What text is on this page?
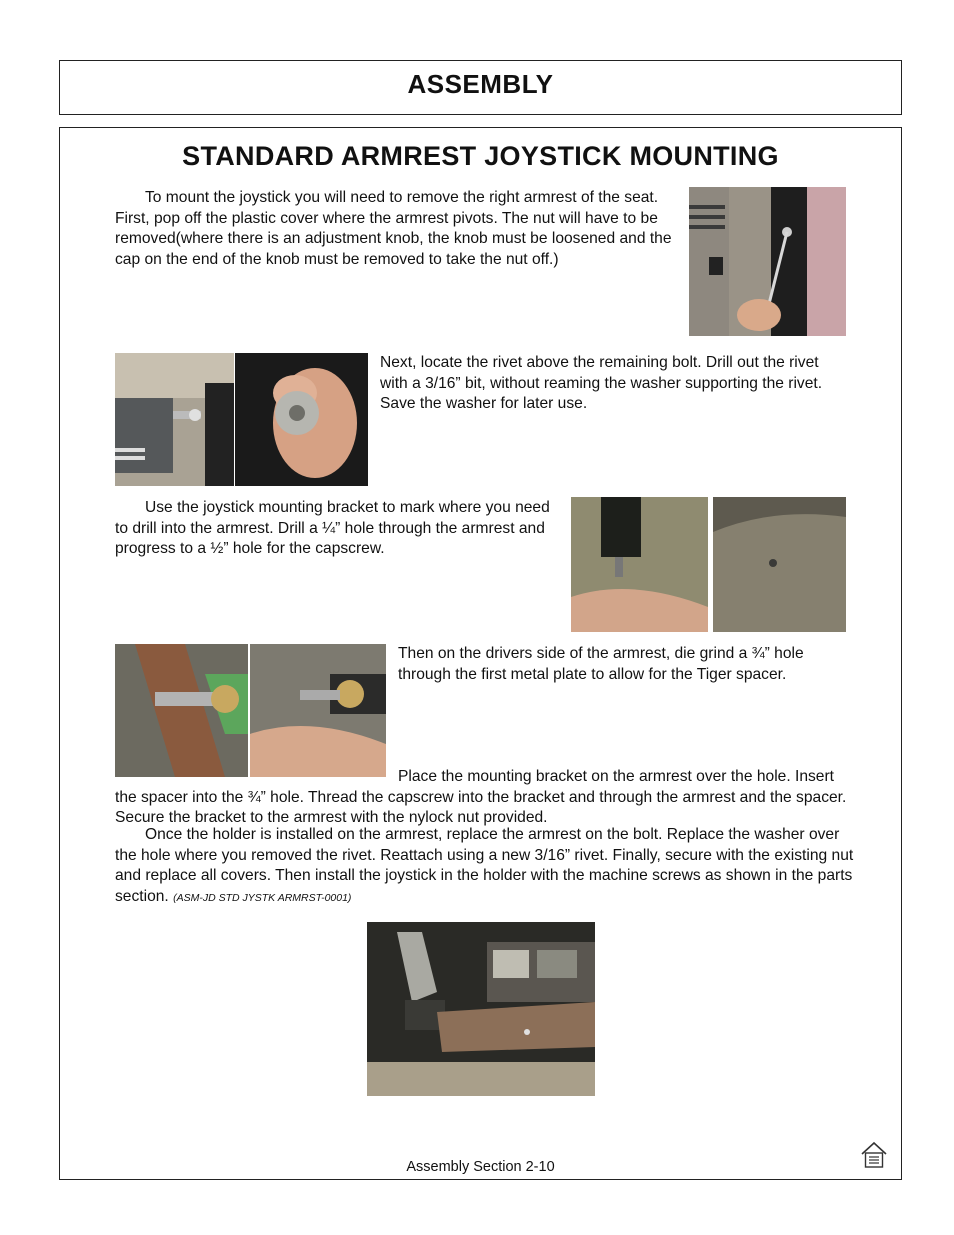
ASSEMBLY
STANDARD ARMREST JOYSTICK MOUNTING

To mount the joystick you will need to remove the right armrest of the seat. First, pop off the plastic cover where the armrest pivots. The nut will have to be removed(where there is an adjustment knob, the knob must be loosened and the cap on the end of the knob must be removed to take the nut off.)

Next, locate the rivet above the remaining bolt. Drill out the rivet with a 3/16” bit, without reaming the washer supporting the rivet. Save the washer for later use.

Use the joystick mounting bracket to mark where you need to drill into the armrest. Drill a ¼” hole through the armrest and progress to a ½” hole for the capscrew.

Then on the drivers side of the armrest, die grind a ¾” hole through the first metal plate to allow for the Tiger spacer.

Place the mounting bracket on the armrest over the hole. Insert the spacer into the ¾” hole. Thread the capscrew into the bracket and through the armrest and the spacer. Secure the bracket to the armrest with the nylock nut provided.

Once the holder is installed on the armrest, replace the armrest on the bolt. Replace the washer over the hole where you removed the rivet. Reattach using a new 3/16” rivet. Finally, secure with the existing nut and replace all covers. Then install the joystick in the holder with the machine screws as shown in the parts section. (ASM-JD STD JYSTK ARMRST-0001)

Assembly Section 2-10
